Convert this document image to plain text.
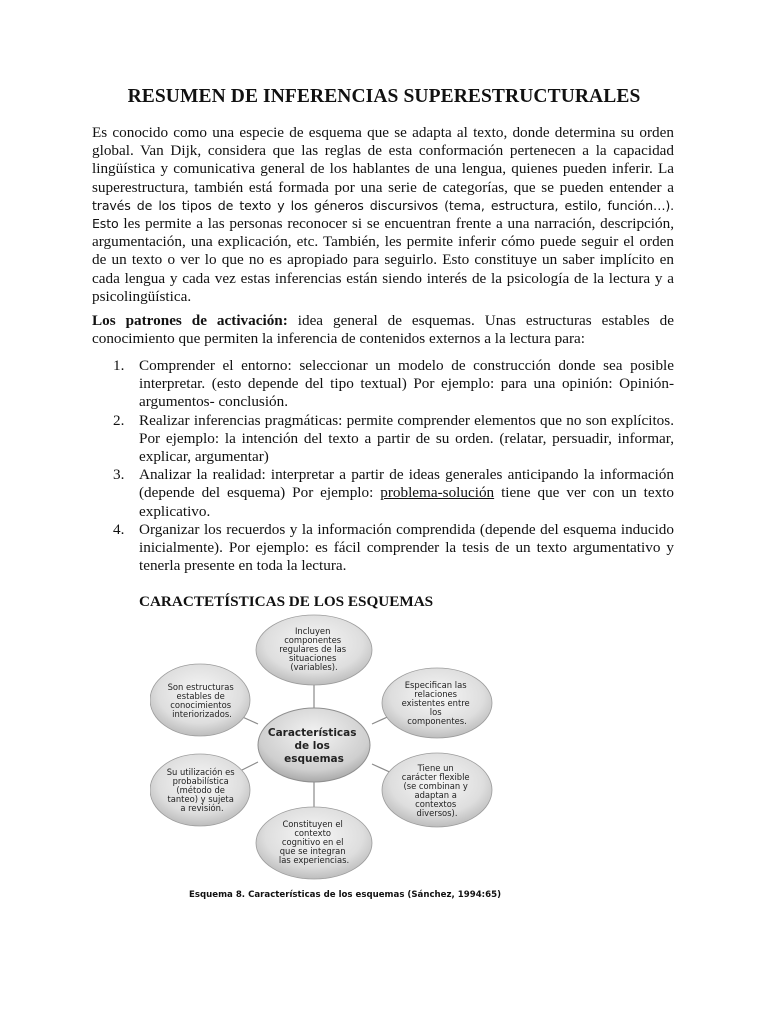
RESUMEN DE INFERENCIAS SUPERESTRUCTURALES

Es conocido como una especie de esquema que se adapta al texto, donde determina su orden global. Van Dijk, considera que las reglas de esta conformación pertenecen a la capacidad lingüística y comunicativa general de los hablantes de una lengua, quienes pueden inferir. La superestructura, también está formada por una serie de categorías, que se pueden entender a través de los tipos de texto y los géneros discursivos (tema, estructura, estilo, función…). Esto les permite a las personas reconocer si se encuentran frente a una narración, descripción, argumentación, una explicación, etc. También, les permite inferir cómo puede seguir el orden de un texto o ver lo que no es apropiado para seguirlo. Esto constituye un saber implícito en cada lengua y cada vez estas inferencias están siendo interés de la psicología de la lectura y a psicolingüística.

Los patrones de activación: idea general de esquemas. Unas estructuras estables de conocimiento que permiten la inferencia de contenidos externos a la lectura para:

1. Comprender el entorno: seleccionar un modelo de construcción donde sea posible interpretar. (esto depende del tipo textual) Por ejemplo: para una opinión: Opinión-argumentos- conclusión.
2. Realizar inferencias pragmáticas: permite comprender elementos que no son explícitos. Por ejemplo: la intención del texto a partir de su orden. (relatar, persuadir, informar, explicar, argumentar)
3. Analizar la realidad: interpretar a partir de ideas generales anticipando la información (depende del esquema) Por ejemplo: problema-solución tiene que ver con un texto explicativo.
4. Organizar los recuerdos y la información comprendida (depende del esquema inducido inicialmente). Por ejemplo: es fácil comprender la tesis de un texto argumentativo y tenerla presente en toda la lectura.
CARACTETÍSTICAS DE LOS ESQUEMAS
Incluyen componentes regulares de las situaciones (variables).
Especifican las relaciones existentes entre los componentes.
Tiene un carácter flexible (se combinan y adaptan a contextos diversos).
Constituyen el contexto cognitivo en el que se integran las experiencias.
Su utilización es probabilística (método de tanteo) y sujeta a revisión.
Son estructuras estables de conocimientos interiorizados.
Características de los esquemas

Esquema 8. Características de los esquemas (Sánchez, 1994:65)
